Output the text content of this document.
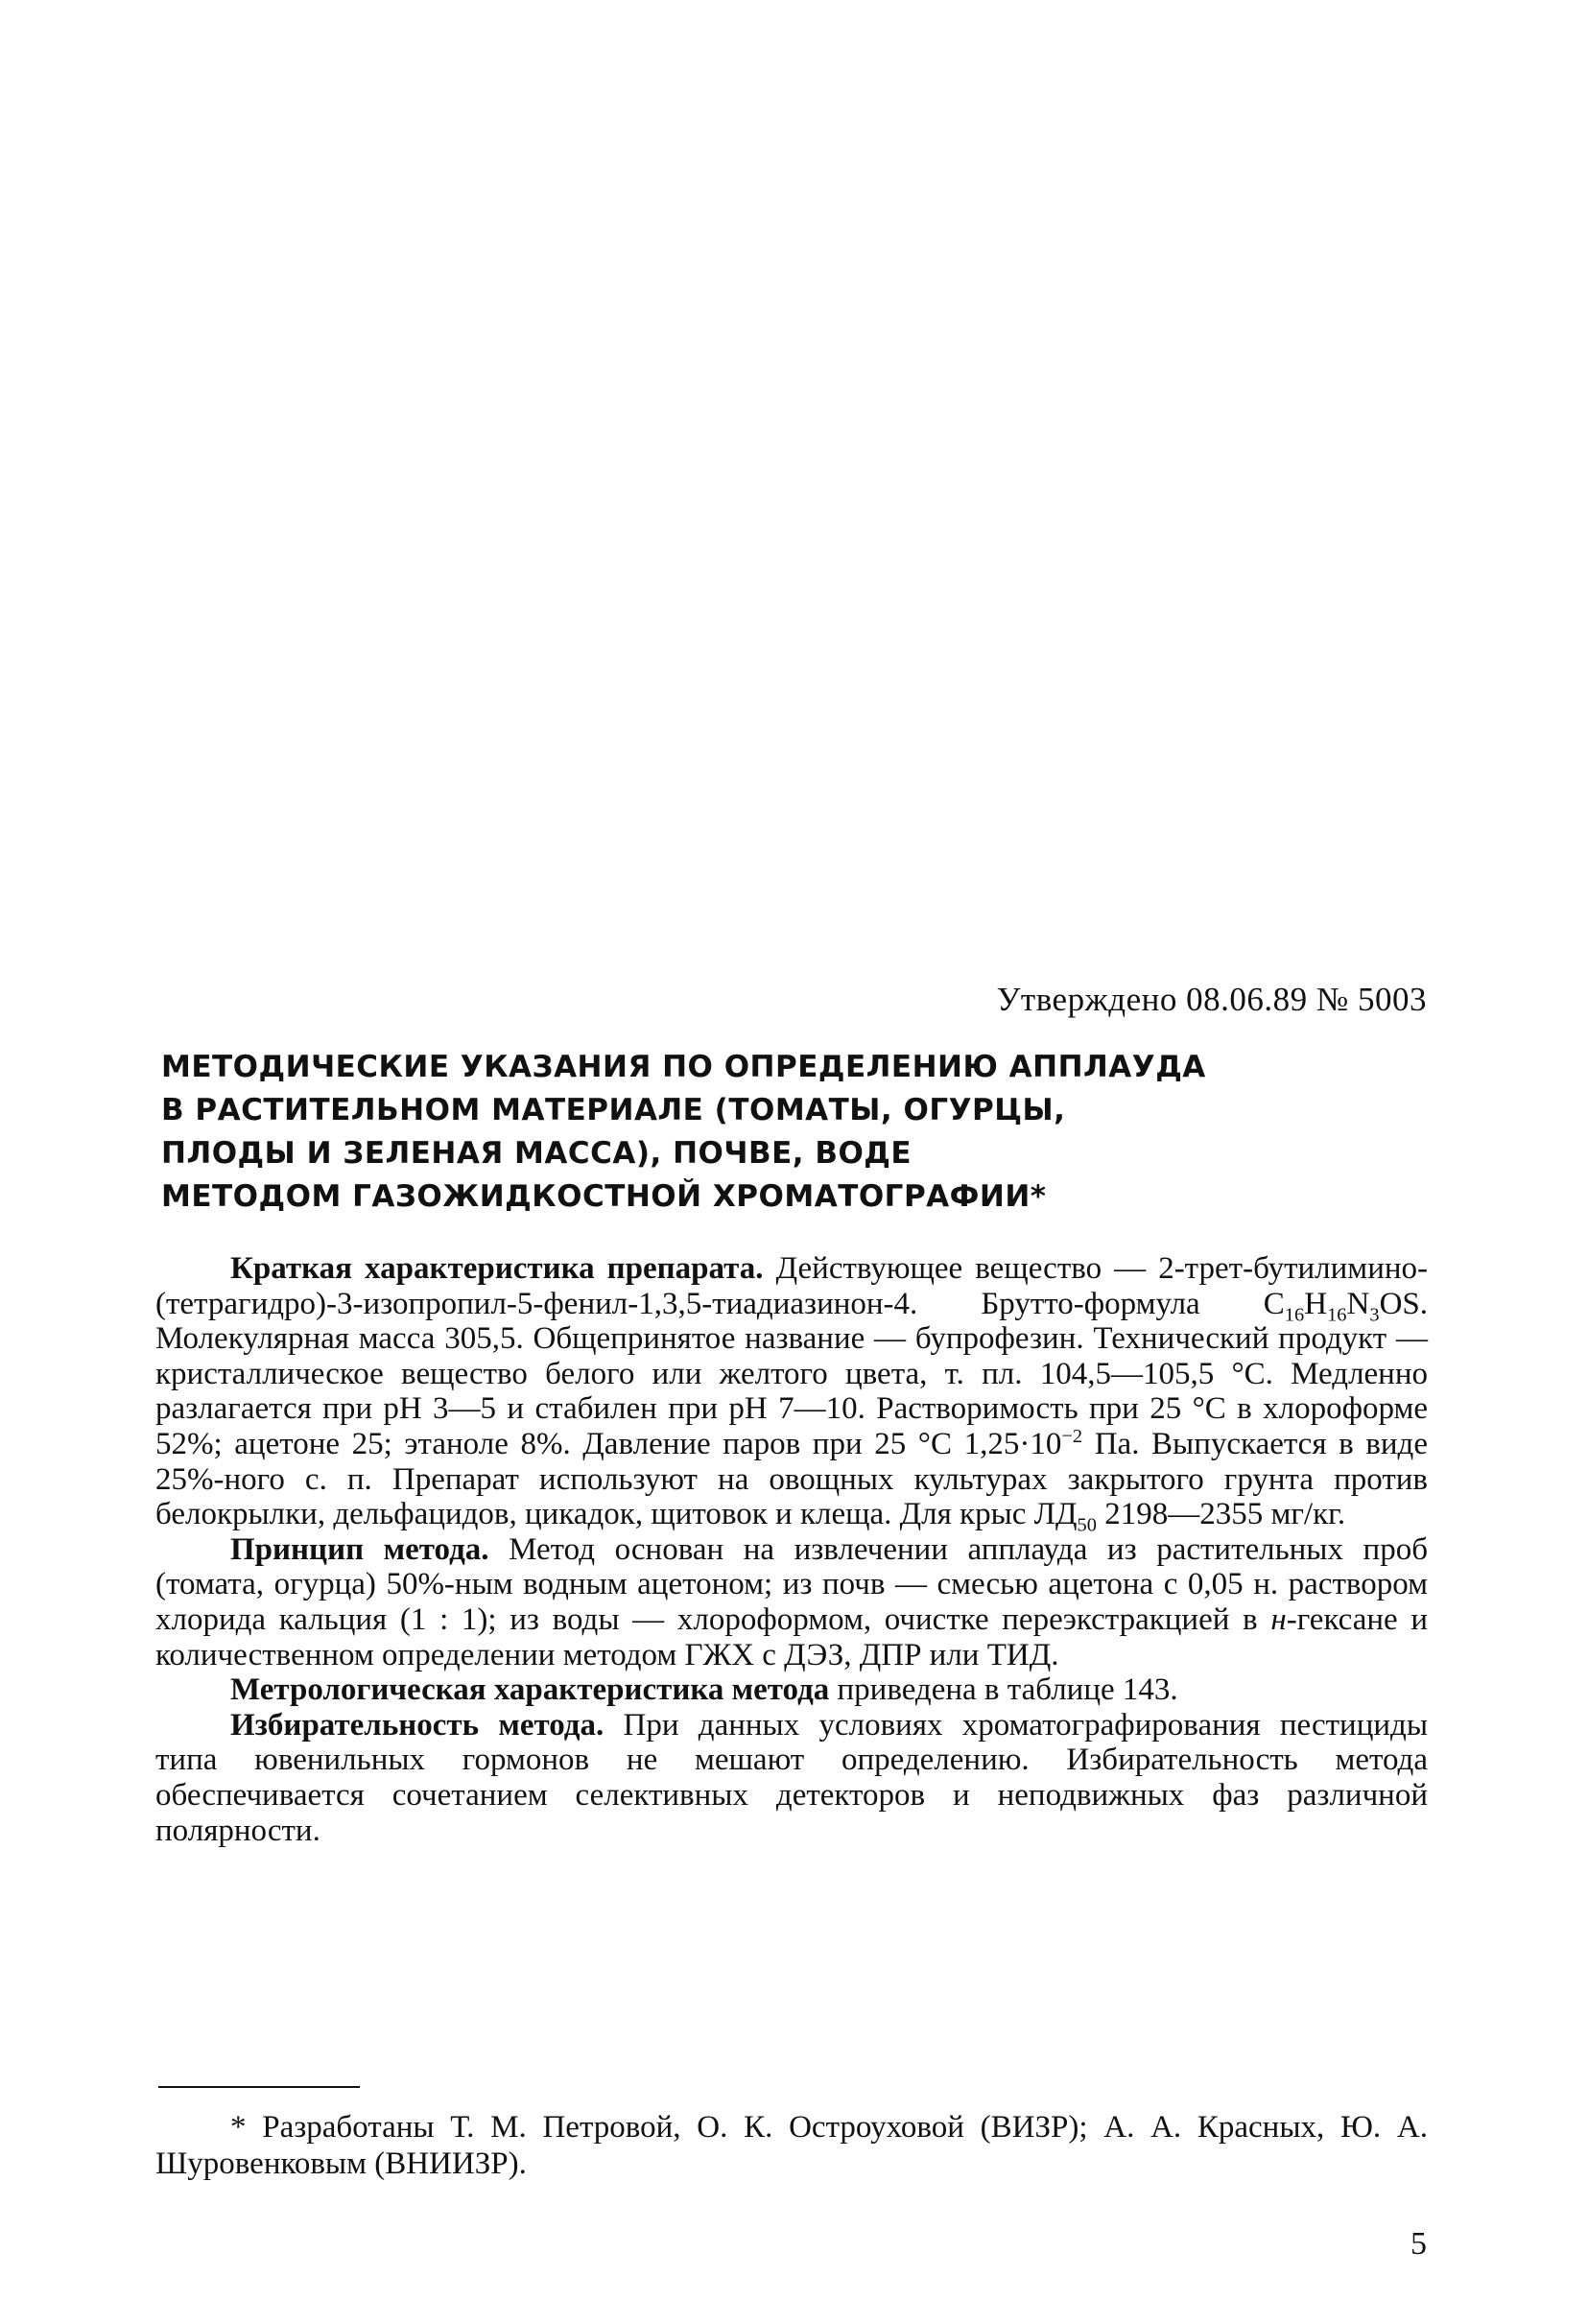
Утверждено 08.06.89 № 5003
МЕТОДИЧЕСКИЕ УКАЗАНИЯ ПО ОПРЕДЕЛЕНИЮ АППЛАУДА
В РАСТИТЕЛЬНОМ МАТЕРИАЛЕ (ТОМАТЫ, ОГУРЦЫ,
ПЛОДЫ И ЗЕЛЕНАЯ МАССА), ПОЧВЕ, ВОДЕ
МЕТОДОМ ГАЗОЖИДКОСТНОЙ ХРОМАТОГРАФИИ*

Краткая характеристика препарата. Действующее вещество — 2-трет-бутилимино-(тетрагидро)-3-изопропил-5-фенил-1,3,5-тиадиазинон-4. Брутто-формула $C_{16}H_{16}N_3OS$. Молекулярная масса 305,5. Общепринятое название — бупрофезин. Технический продукт — кристаллическое вещество белого или желтого цвета, т. пл. 104,5—105,5 °С. Медленно разлагается при pH 3—5 и стабилен при pH 7—10. Растворимость при 25 °С в хлороформе 52%; ацетоне 25; этаноле 8%. Давление паров при 25 °С $1,25\cdot 10^{-2}$ Па. Выпускается в виде 25%-ного с. п. Препарат используют на овощных культурах закрытого грунта против белокрылки, дельфацидов, цикадок, щитовок и клеща. Для крыс $ЛД_{50}$ 2198—2355 мг/кг.

Принцип метода. Метод основан на извлечении апплауда из растительных проб (томата, огурца) 50%-ным водным ацетоном; из почв — смесью ацетона с 0,05 н. раствором хлорида кальция (1 : 1); из воды — хлороформом, очистке переэкстракцией в н-гексане и количественном определении методом ГЖХ с ДЭЗ, ДПР или ТИД.

Метрологическая характеристика метода приведена в таблице 143.

Избирательность метода. При данных условиях хроматографирования пестициды типа ювенильных гормонов не мешают определению. Избирательность метода обеспечивается сочетанием селективных детекторов и неподвижных фаз различной полярности.

* Разработаны Т. М. Петровой, О. К. Остроуховой (ВИЗР); А. А. Красных, Ю. А. Шуровенковым (ВНИИЗР).
5
